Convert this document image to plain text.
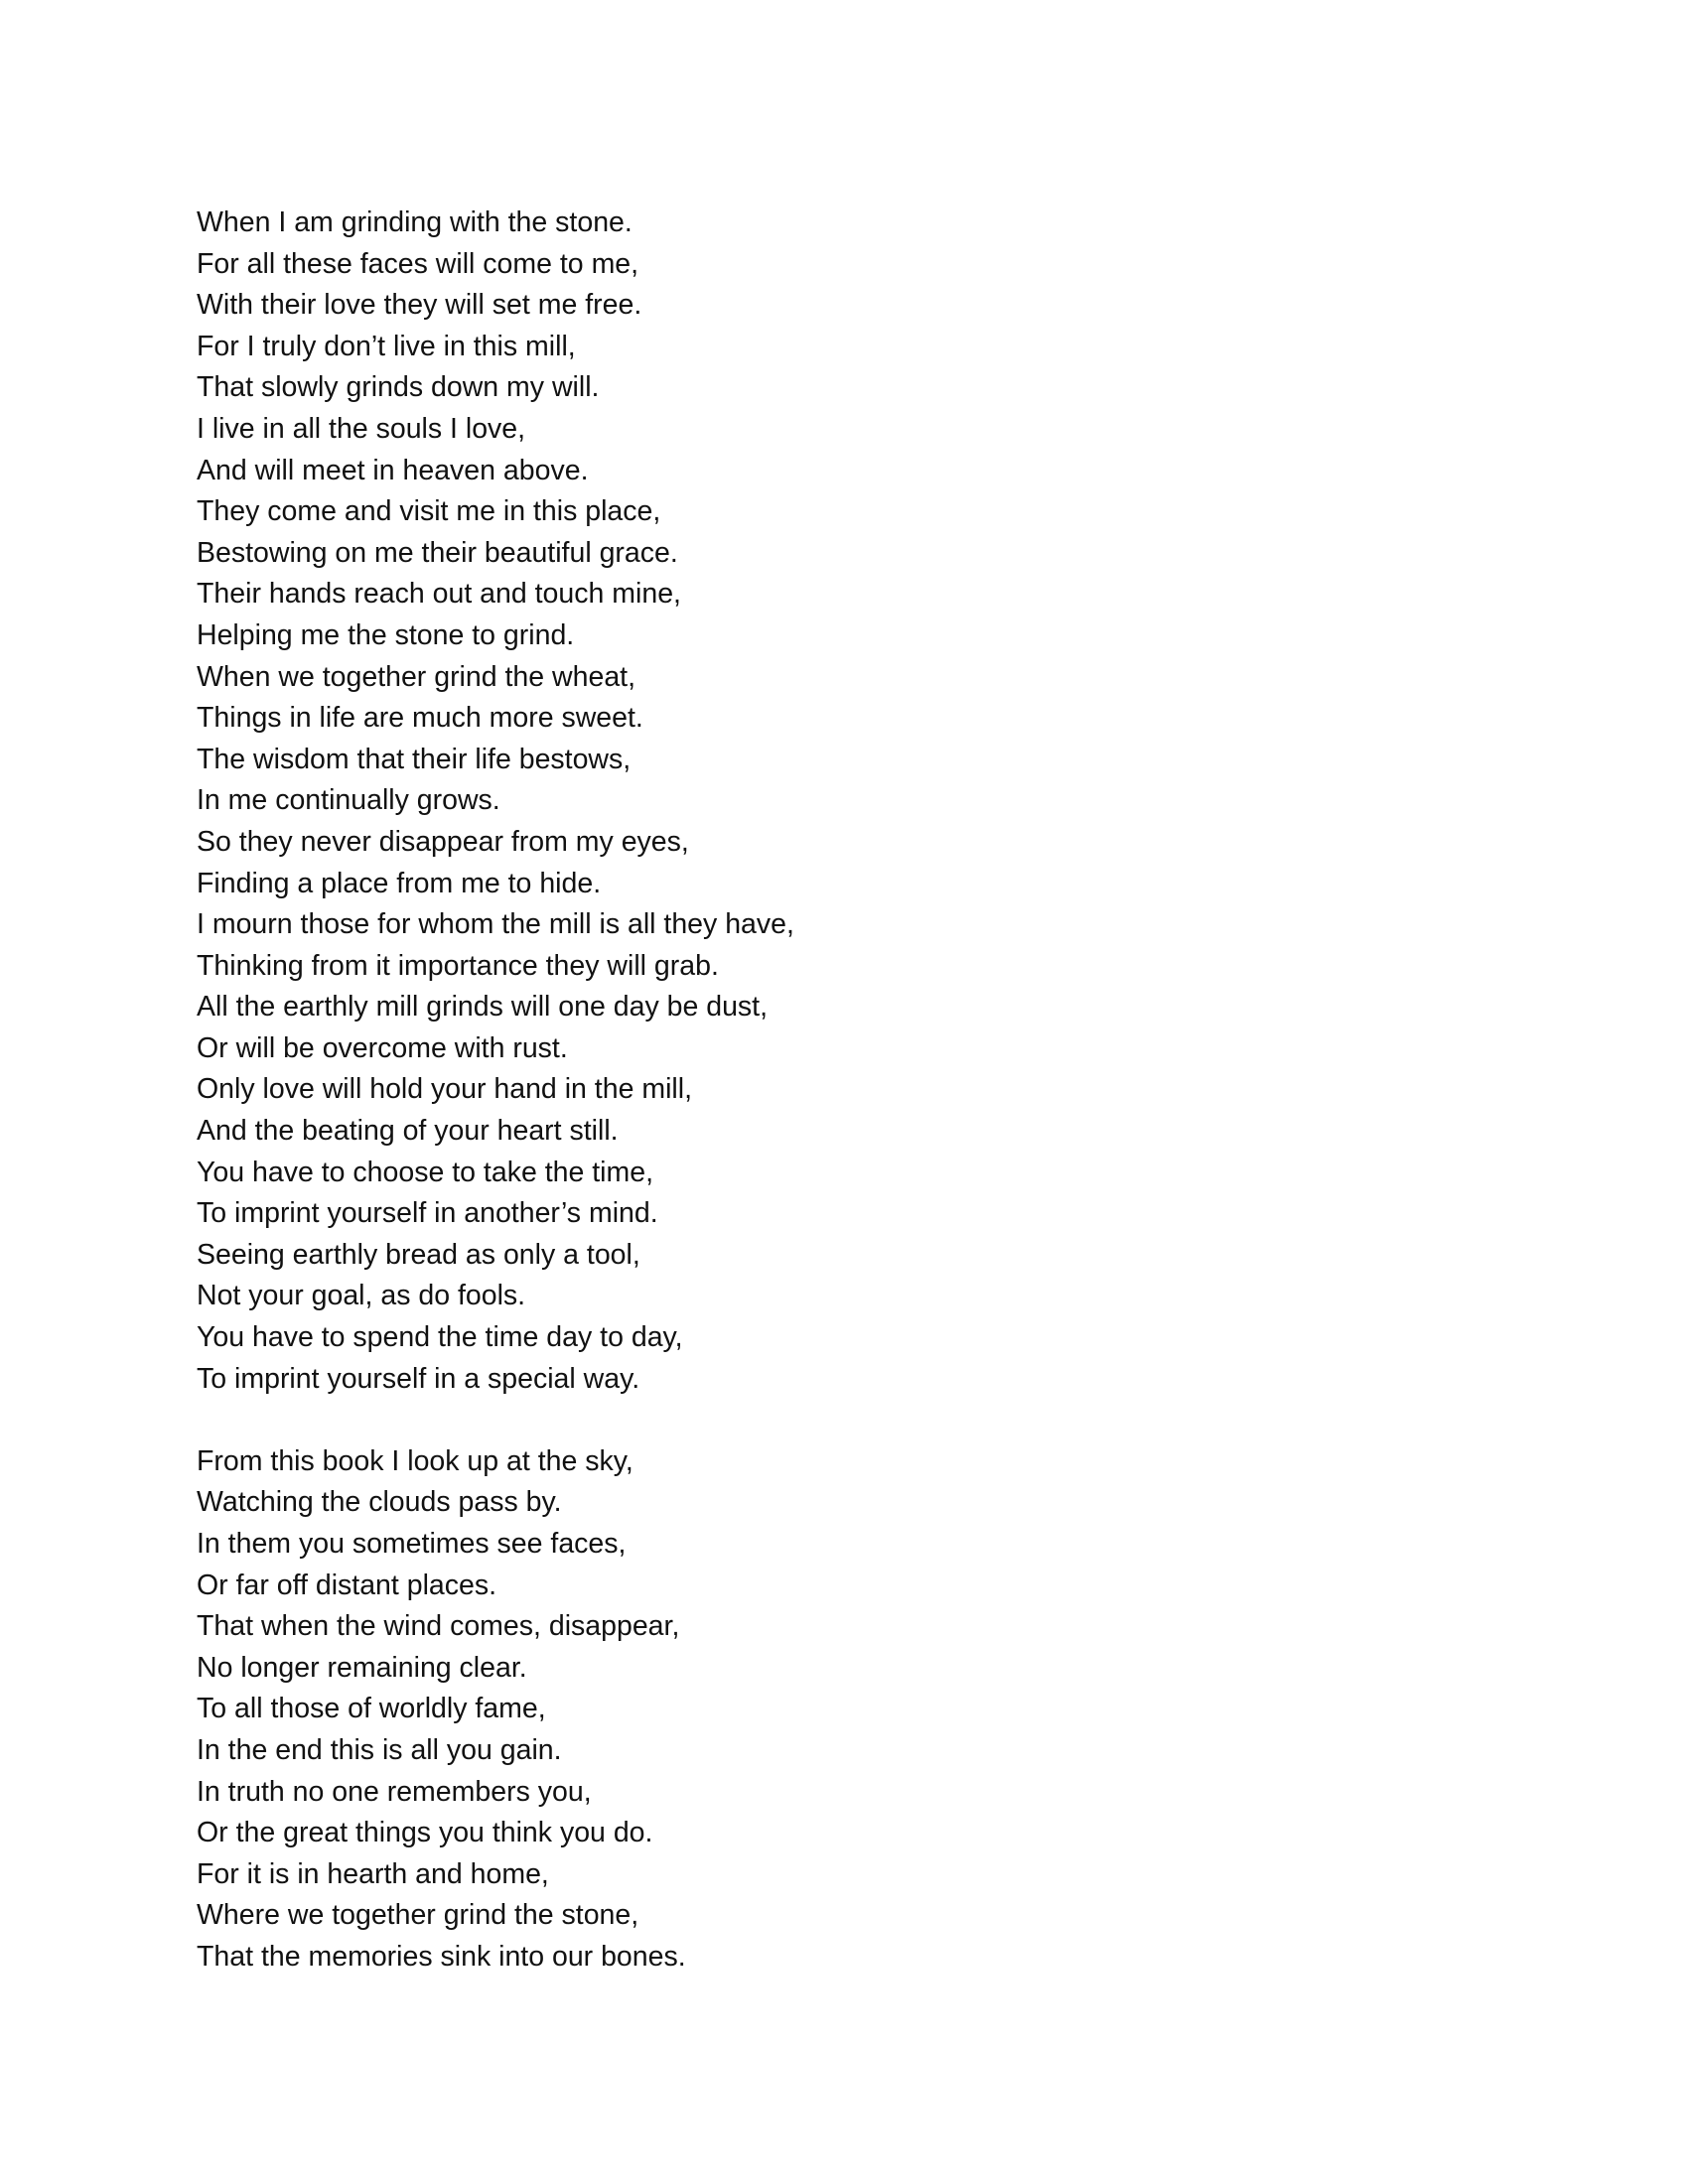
When I am grinding with the stone.
For all these faces will come to me,
With their love they will set me free.
For I truly don’t live in this mill,
That slowly grinds down my will.
I live in all the souls I love,
And will meet in heaven above.
They come and visit me in this place,
Bestowing on me their beautiful grace.
Their hands reach out and touch mine,
Helping me the stone to grind.
When we together grind the wheat,
Things in life are much more sweet.
The wisdom that their life bestows,
In me continually grows.
So they never disappear from my eyes,
Finding a place from me to hide.
I mourn those for whom the mill is all they have,
Thinking from it importance they will grab.
All the earthly mill grinds will one day be dust,
Or will be overcome with rust.
Only love will hold your hand in the mill,
And the beating of your heart still.
You have to choose to take the time,
To imprint yourself in another’s mind.
Seeing earthly bread as only a tool,
Not your goal, as do fools.
You have to spend the time day to day,
To imprint yourself in a special way.
From this book I look up at the sky,
Watching the clouds pass by.
In them you sometimes see faces,
Or far off distant places.
That when the wind comes, disappear,
No longer remaining clear.
To all those of worldly fame,
In the end this is all you gain.
In truth no one remembers you,
Or the great things you think you do.
For it is in hearth and home,
Where we together grind the stone,
That the memories sink into our bones.
